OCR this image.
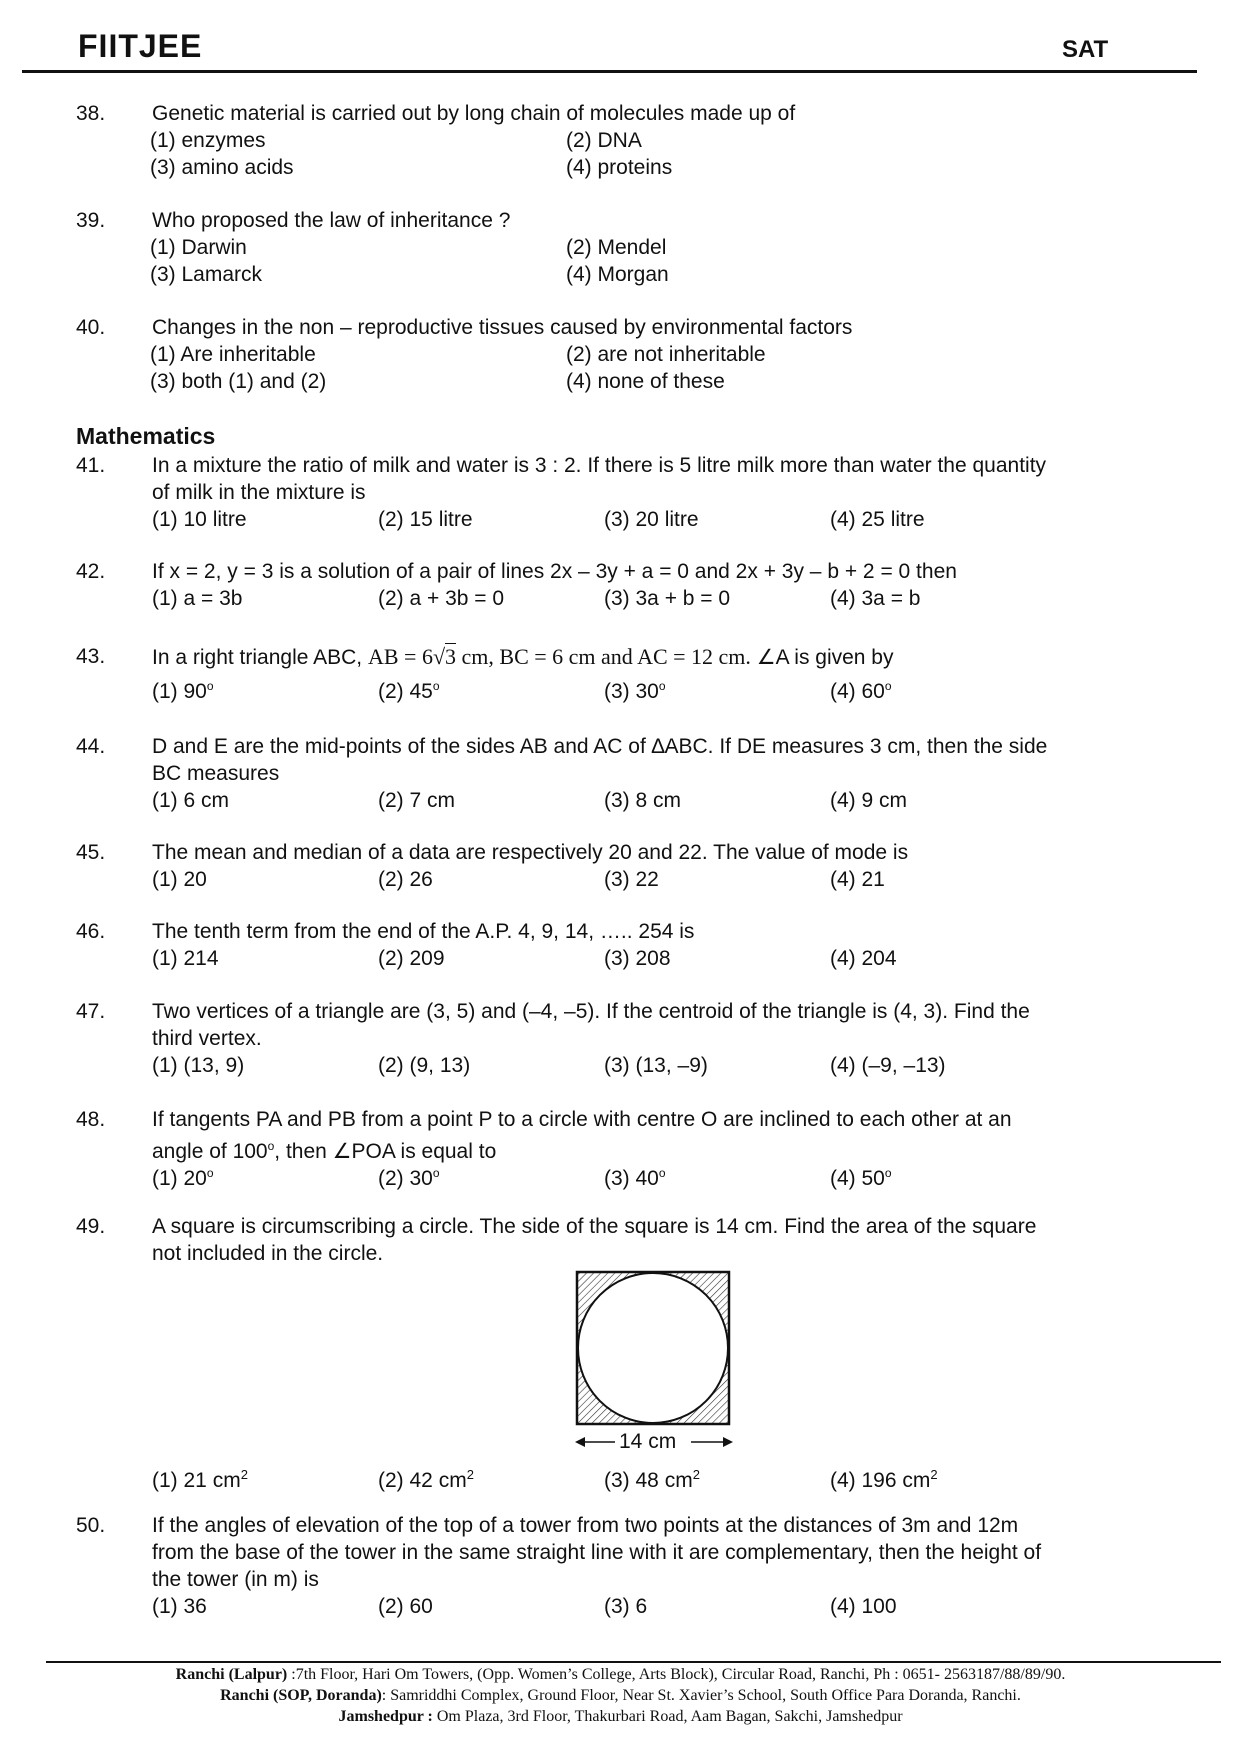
FIITJEE	SAT
38. Genetic material is carried out by long chain of molecules made up of
(1) enzymes	(2) DNA
(3) amino acids	(4) proteins
39. Who proposed the law of inheritance ?
(1) Darwin	(2) Mendel
(3) Lamarck	(4) Morgan
40. Changes in the non – reproductive tissues caused by environmental factors
(1) Are inheritable	(2) are not inheritable
(3) both (1) and (2)	(4) none of these
Mathematics
41. In a mixture the ratio of milk and water is 3 : 2. If there is 5 litre milk more than water the quantity
of milk in the mixture is
(1) 10 litre	(2) 15 litre	(3) 20 litre	(4) 25 litre
42. If x = 2, y = 3 is a solution of a pair of lines 2x – 3y + a = 0 and 2x + 3y – b + 2 = 0 then
(1) a = 3b	(2) a + 3b = 0	(3) 3a + b = 0	(4) 3a = b
43. In a right triangle ABC, AB = 6√3 cm, BC = 6 cm and AC = 12 cm. ∠A is given by
(1) 90$^o$	(2) 45$^o$	(3) 30$^o$	(4) 60$^o$
44. D and E are the mid-points of the sides AB and AC of ∆ABC. If DE measures 3 cm, then the side
BC measures
(1) 6 cm	(2) 7 cm	(3) 8 cm	(4) 9 cm
45. The mean and median of a data are respectively 20 and 22. The value of mode is
(1) 20	(2) 26	(3) 22	(4) 21
46. The tenth term from the end of the A.P. 4, 9, 14, ….. 254 is
(1) 214	(2) 209	(3) 208	(4) 204
47. Two vertices of a triangle are (3, 5) and (–4, –5). If the centroid of the triangle is (4, 3). Find the
third vertex.
(1) (13, 9)	(2) (9, 13)	(3) (13, –9)	(4) (–9, –13)
48. If tangents PA and PB from a point P to a circle with centre O are inclined to each other at an
angle of 100$^o$, then ∠POA is equal to
(1) 20$^o$	(2) 30$^o$	(3) 40$^o$	(4) 50$^o$
49. A square is circumscribing a circle. The side of the square is 14 cm. Find the area of the square
not included in the circle.
14 cm
(1) 21 $cm^2$	(2) 42 $cm^2$	(3) 48 $cm^2$	(4) 196 $cm^2$
50. If the angles of elevation of the top of a tower from two points at the distances of 3m and 12m
from the base of the tower in the same straight line with it are complementary, then the height of
the tower (in m) is
(1) 36	(2) 60	(3) 6	(4) 100
Ranchi (Lalpur) :7th Floor, Hari Om Towers, (Opp. Women’s College, Arts Block), Circular Road, Ranchi, Ph : 0651- 2563187/88/89/90.
Ranchi (SOP, Doranda): Samriddhi Complex, Ground Floor, Near St. Xavier’s School, South Office Para Doranda, Ranchi.
Jamshedpur : Om Plaza, 3rd Floor, Thakurbari Road, Aam Bagan, Sakchi, Jamshedpur
